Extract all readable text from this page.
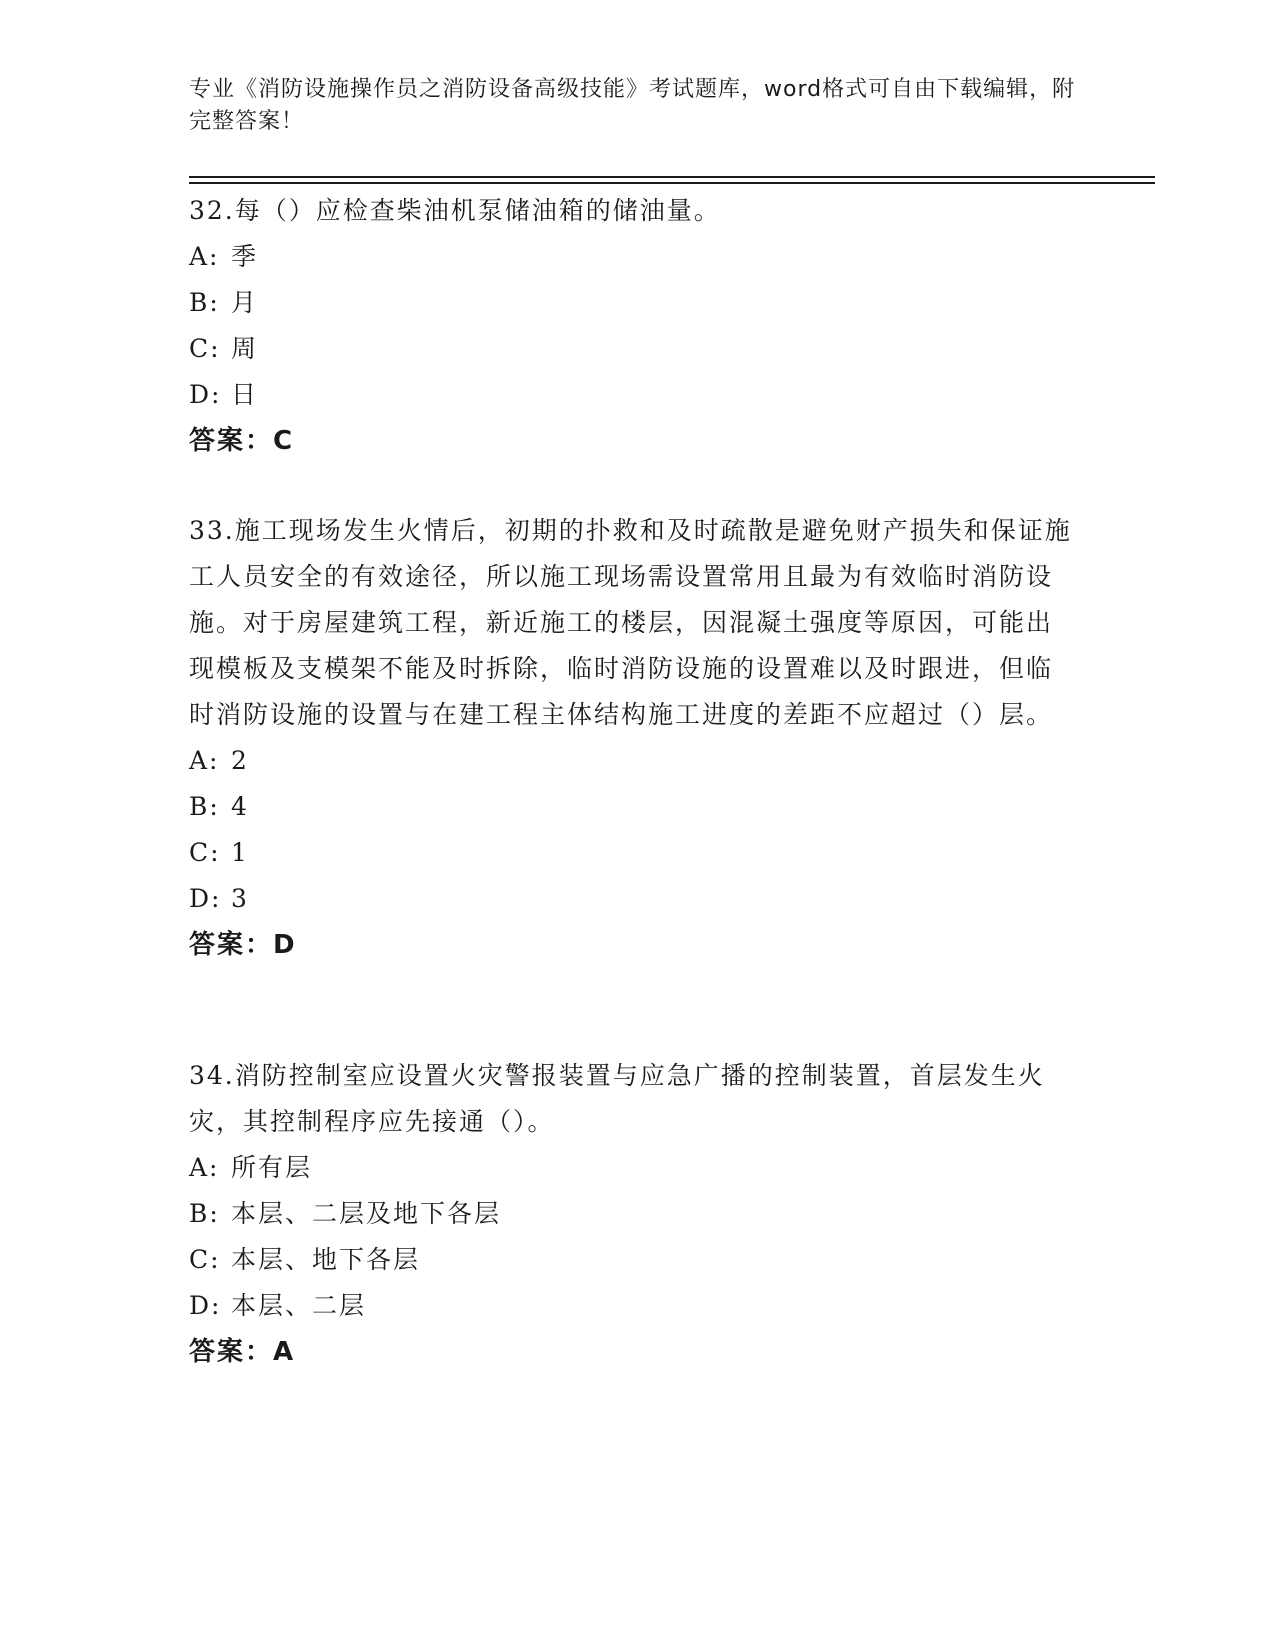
专业《消防设施操作员之消防设备高级技能》考试题库，word格式可自由下载编辑，附完整答案！

32.每（）应检查柴油机泵储油箱的储油量。

A: 季
B: 月
C: 周
D: 日
答案：C

33.施工现场发生火情后，初期的扑救和及时疏散是避免财产损失和保证施工人员安全的有效途径，所以施工现场需设置常用且最为有效临时消防设施。对于房屋建筑工程，新近施工的楼层，因混凝土强度等原因，可能出现模板及支模架不能及时拆除，临时消防设施的设置难以及时跟进，但临时消防设施的设置与在建工程主体结构施工进度的差距不应超过（）层。

A: 2
B: 4
C: 1
D: 3
答案：D

34.消防控制室应设置火灾警报装置与应急广播的控制装置，首层发生火灾，其控制程序应先接通（）。

A: 所有层
B: 本层、二层及地下各层
C: 本层、地下各层
D: 本层、二层
答案：A
